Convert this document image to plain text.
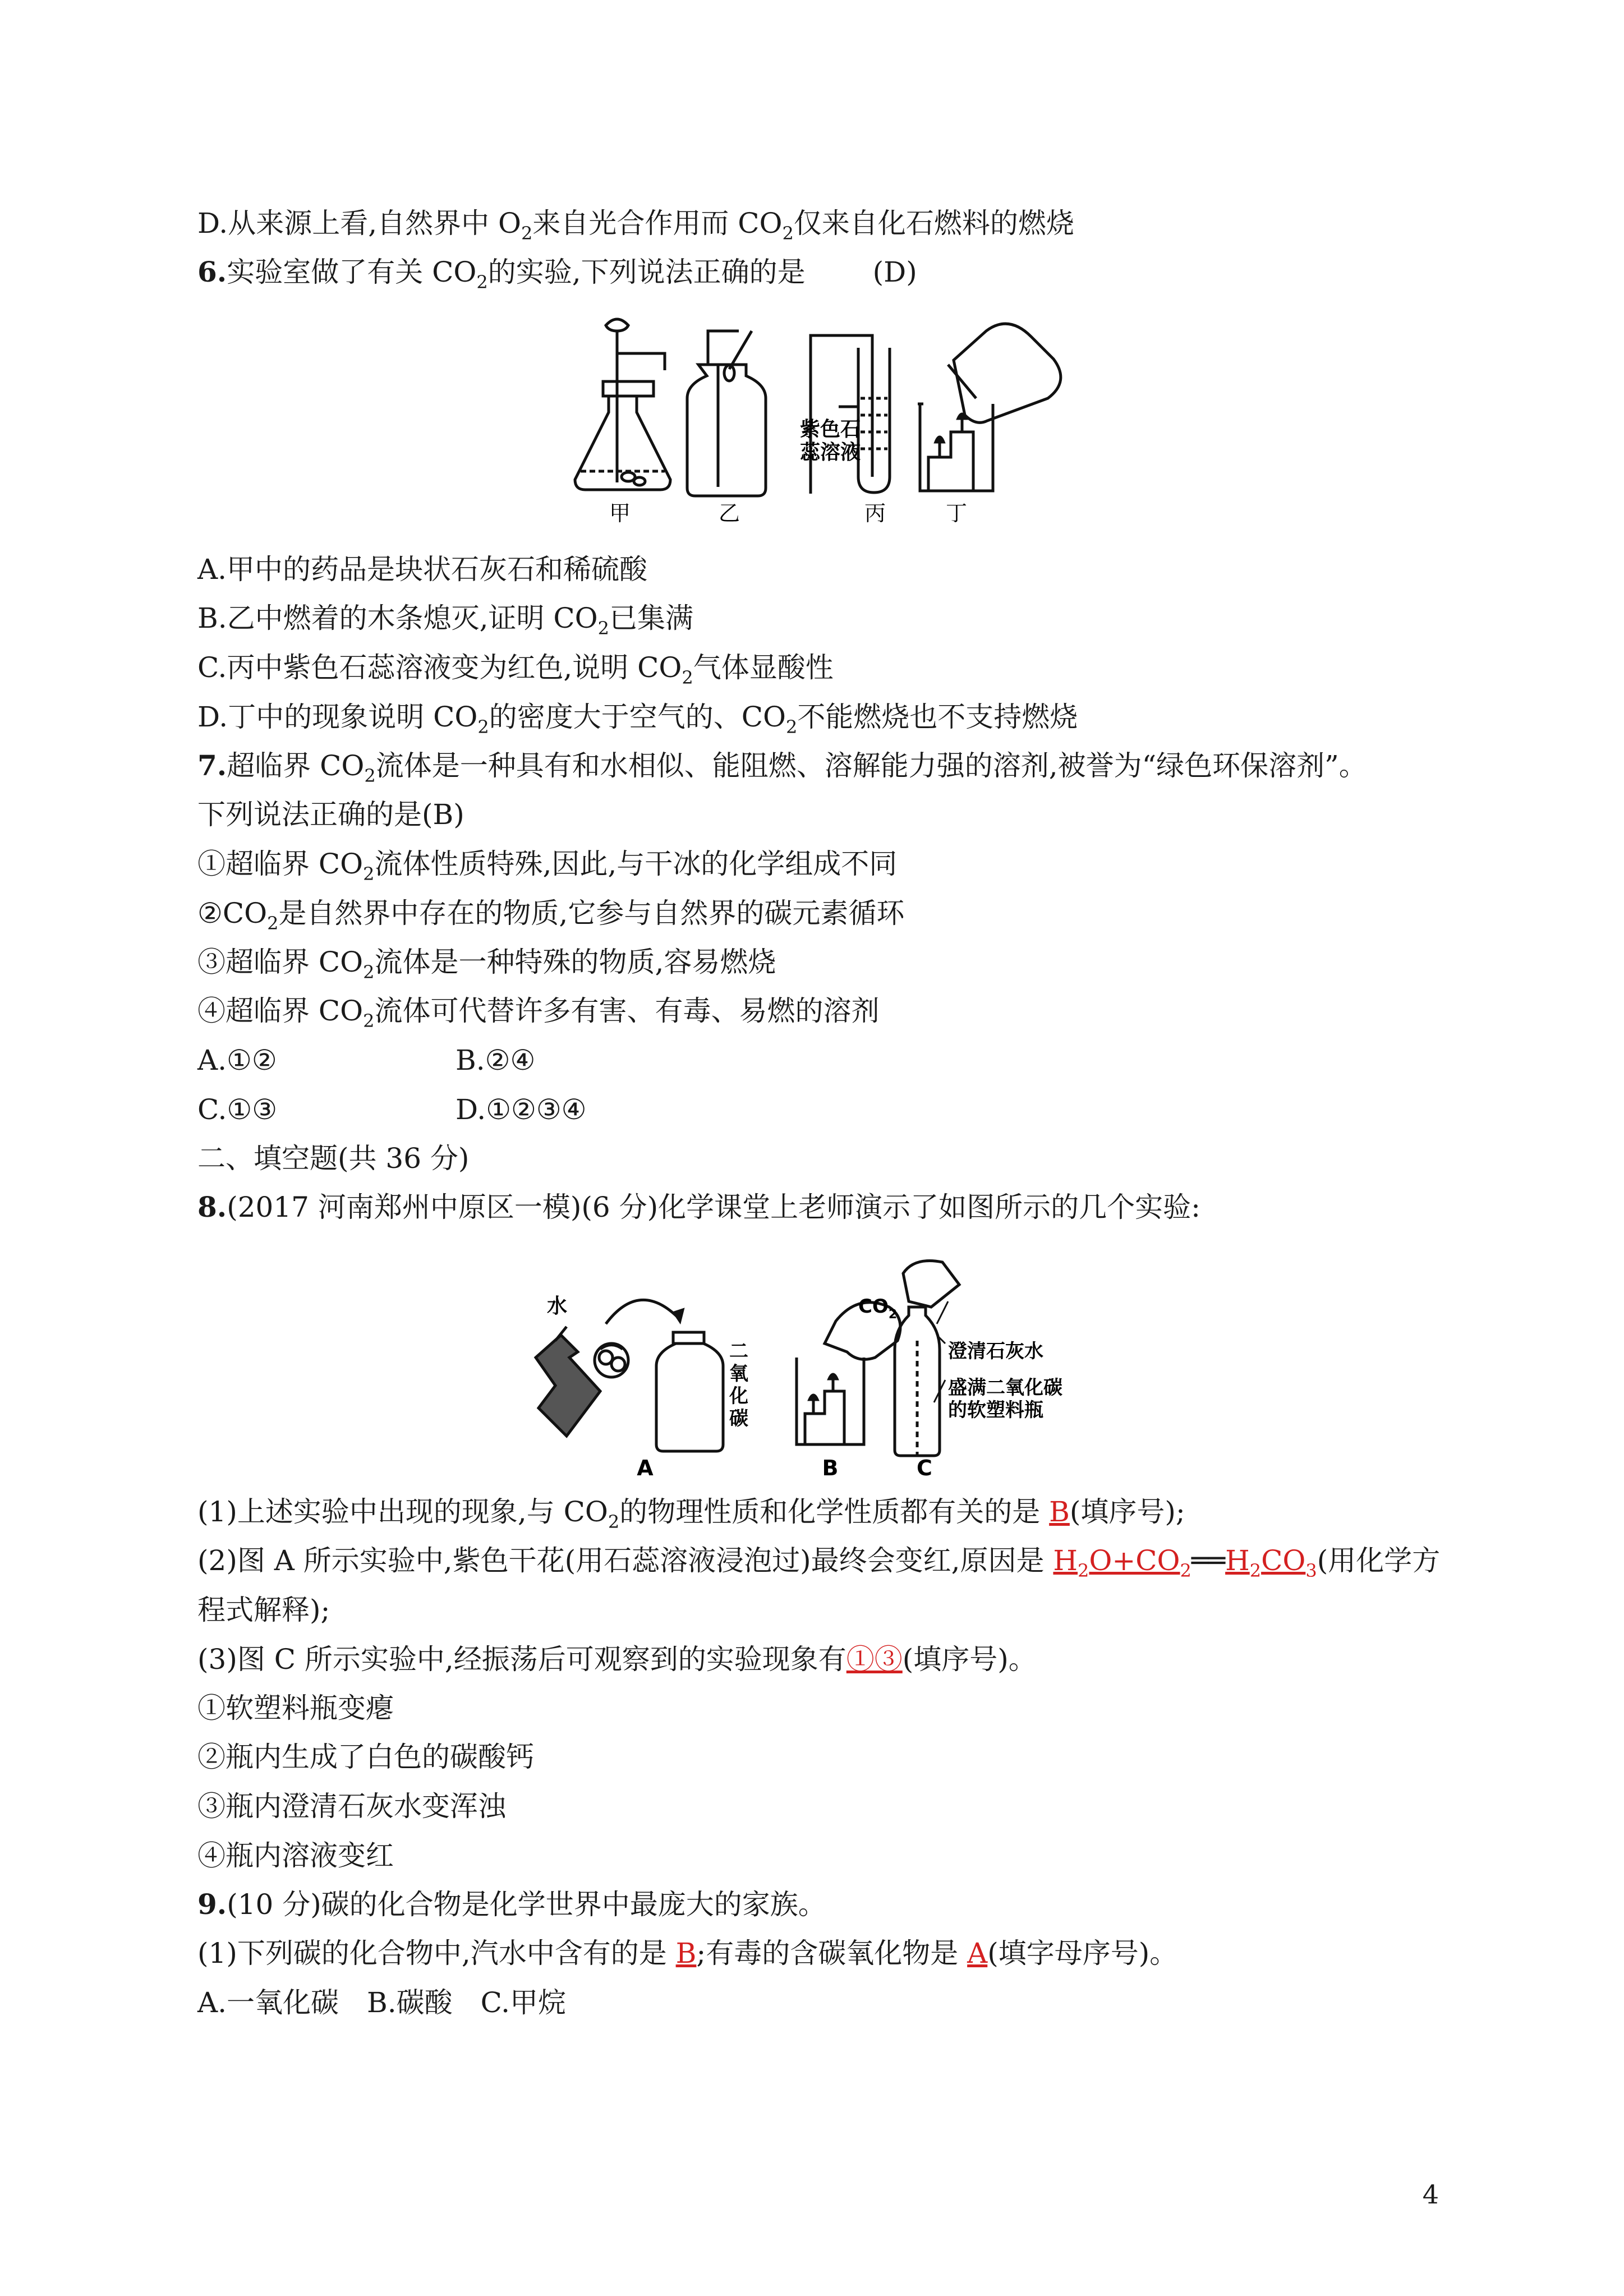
D.从来源上看,自然界中 $O_2$来自光合作用而 $CO_2$仅来自化石燃料的燃烧
6.实验室做了有关 $CO_2$的实验,下列说法正确的是 (D)
紫色石
蕊溶液
甲	乙	丙	丁
A.甲中的药品是块状石灰石和稀硫酸
B.乙中燃着的木条熄灭,证明 $CO_2$已集满
C.丙中紫色石蕊溶液变为红色,说明 $CO_2$气体显酸性
D.丁中的现象说明 $CO_2$的密度大于空气的、$CO_2$不能燃烧也不支持燃烧
7.超临界 $CO_2$流体是一种具有和水相似、能阻燃、溶解能力强的溶剂,被誉为“绿色环保溶剂”。
下列说法正确的是(B)
①超临界 $CO_2$流体性质特殊,因此,与干冰的化学组成不同
$②CO_2$是自然界中存在的物质,它参与自然界的碳元素循环
③超临界 $CO_2$流体是一种特殊的物质,容易燃烧
④超临界 $CO_2$流体可代替许多有害、有毒、易燃的溶剂
A.①②	B.②④
C.①③	D.①②③④
二、填空题(共 36 分)
8.(2017 河南郑州中原区一模)(6 分)化学课堂上老师演示了如图所示的几个实验:
水
二
氧
化
碳
$CO_2$
澄清石灰水
盛满二氧化碳
的软塑料瓶
A	B	C
(1)上述实验中出现的现象,与 $CO_2$的物理性质和化学性质都有关的是 B(填序号);
(2)图 A 所示实验中,紫色干花(用石蕊溶液浸泡过)最终会变红,原因是 $H_2O+CO_2══H_2CO_3$(用化学方
程式解释);
(3)图 C 所示实验中,经振荡后可观察到的实验现象有①③(填序号)。
①软塑料瓶变瘪
②瓶内生成了白色的碳酸钙
③瓶内澄清石灰水变浑浊
④瓶内溶液变红
9.(10 分)碳的化合物是化学世界中最庞大的家族。
(1)下列碳的化合物中,汽水中含有的是 B;有毒的含碳氧化物是 A(填字母序号)。
A.一氧化碳　B.碳酸　C.甲烷
4
